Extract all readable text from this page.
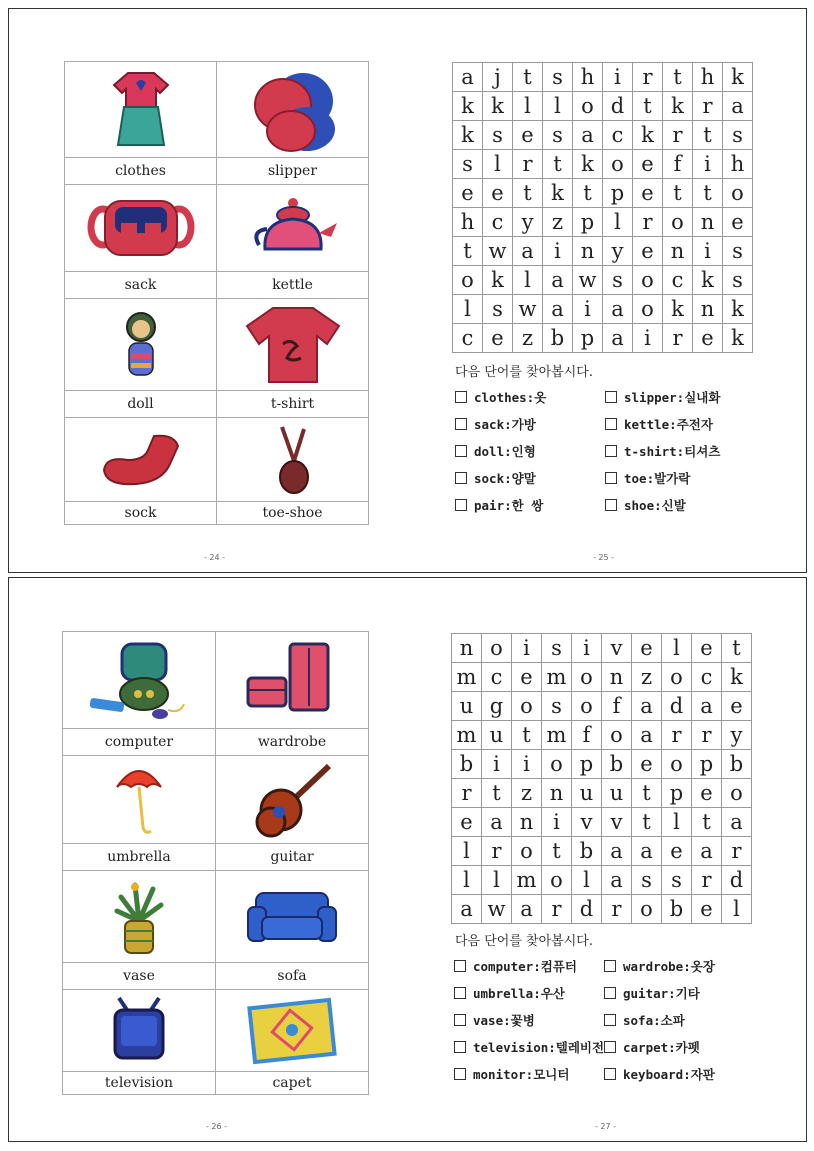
clothes	slipper

sack	kettle

doll	t-shirt

sock	toe-shoe
a	j	t	s	h	i	r	t	h	k
k	k	l	l	o	d	t	k	r	a
k	s	e	s	a	c	k	r	t	s
s	l	r	t	k	o	e	f	i	h
e	e	t	k	t	p	e	t	t	o
h	c	y	z	p	l	r	o	n	e
t	w	a	i	n	y	e	n	i	s
o	k	l	a	w	s	o	c	k	s
l	s	w	a	i	a	o	k	n	k
c	e	z	b	p	a	i	r	e	k
다음 단어를 찾아봅시다.
clothes:옷	slipper:실내화
sack:가방	kettle:주전자
doll:인형	t-shirt:티셔츠
sock:양말	toe:발가락
pair:한 쌍	shoe:신발
- 24 -	- 25 -

computer	wardrobe

umbrella	guitar

vase	sofa

television	capet
n	o	i	s	i	v	e	l	e	t
m	c	e	m	o	n	z	o	c	k
u	g	o	s	o	f	a	d	a	e
m	u	t	m	f	o	a	r	r	y
b	i	i	o	p	b	e	o	p	b
r	t	z	n	u	u	t	p	e	o
e	a	n	i	v	v	t	l	t	a
l	r	o	t	b	a	a	e	a	r
l	l	m	o	l	a	s	s	r	d
a	w	a	r	d	r	o	b	e	l
다음 단어를 찾아봅시다.
computer:컴퓨터	wardrobe:옷장
umbrella:우산	guitar:기타
vase:꽃병	sofa:소파
television:텔레비전	carpet:카펫
monitor:모니터	keyboard:자판
- 26 -	- 27 -
